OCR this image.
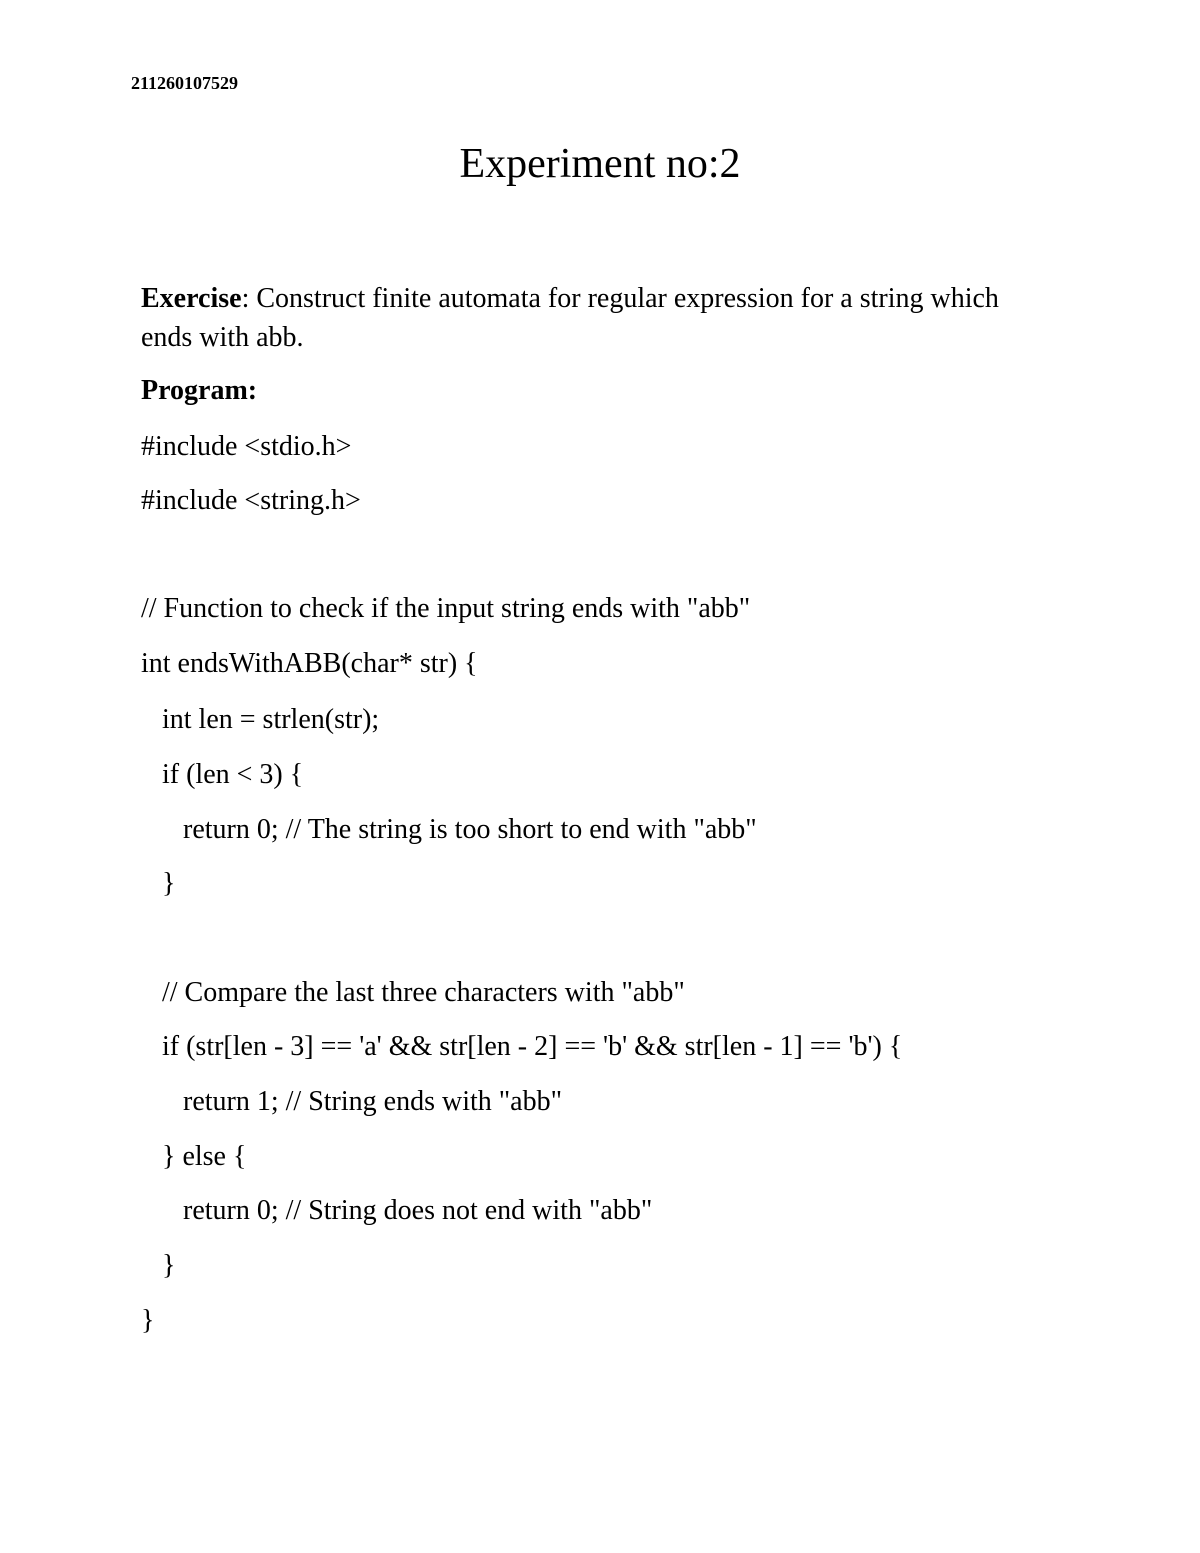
211260107529
Experiment no:2
Exercise: Construct finite automata for regular expression for a string which ends with abb.
Program:
#include <stdio.h>
#include <string.h>
// Function to check if the input string ends with "abb"
int endsWithABB(char* str) {
int len = strlen(str);
if (len < 3) {
return 0; // The string is too short to end with "abb"
}
// Compare the last three characters with "abb"
if (str[len - 3] == 'a' && str[len - 2] == 'b' && str[len - 1] == 'b') {
return 1; // String ends with "abb"
} else {
return 0; // String does not end with "abb"
}
}
